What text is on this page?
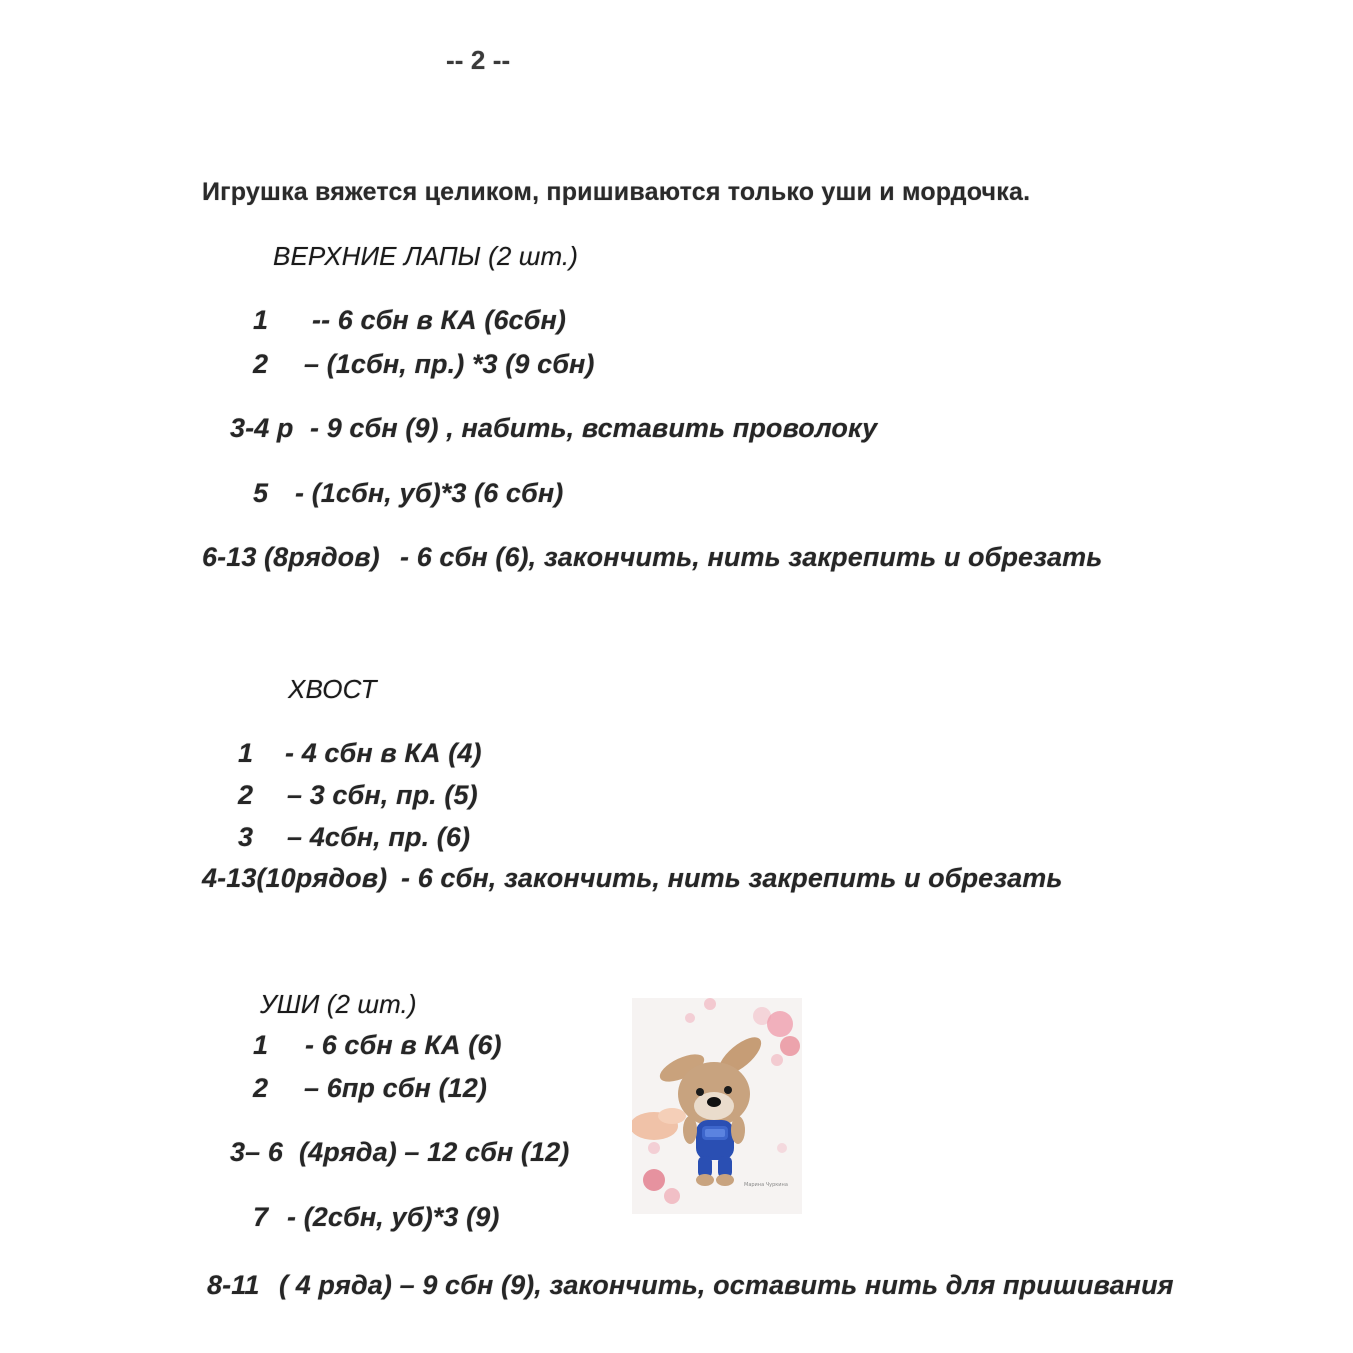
-- 2 --
Игрушка вяжется целиком, пришиваются только уши и мордочка.
ВЕРХНИЕ ЛАПЫ (2 шт.)
1 -- 6 сбн в КА (6сбн)
2 – (1сбн, пр.) *3 (9 сбн)
3-4 р - 9 сбн (9) , набить, вставить проволоку
5 - (1сбн, уб)*3 (6 сбн)
6-13 (8рядов) - 6 сбн (6), закончить, нить закрепить и обрезать
ХВОСТ
1 - 4 сбн в КА (4)
2 – 3 сбн, пр. (5)
3 – 4сбн, пр. (6)
4-13(10рядов) - 6 сбн, закончить, нить закрепить и обрезать
УШИ (2 шт.)
1 - 6 сбн в КА (6)
2 – 6пр сбн (12)
3– 6 (4ряда) – 12 сбн (12)
7 - (2сбн, уб)*3 (9)
8-11 ( 4 ряда) – 9 сбн (9), закончить, оставить нить для пришивания
Марина Чуркина
